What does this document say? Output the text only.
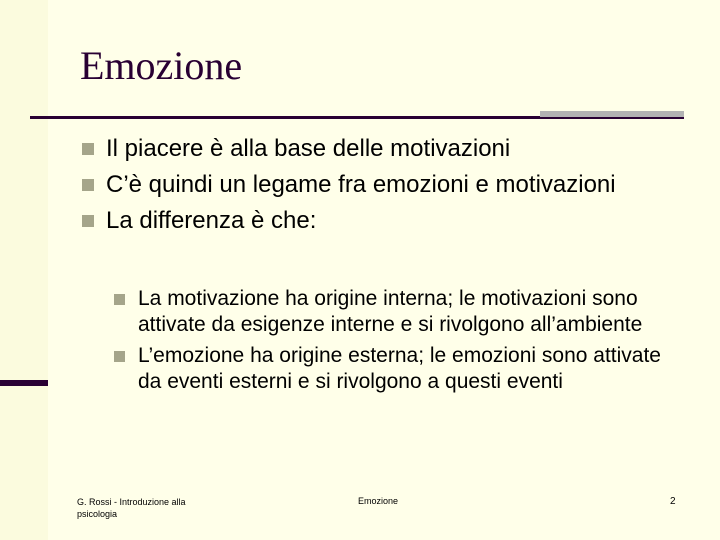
Emozione
Il piacere è alla base delle motivazioni
C’è quindi un legame fra emozioni e motivazioni
La differenza è che:
La motivazione ha origine interna; le motivazioni sono attivate da esigenze interne e si rivolgono all’ambiente
L’emozione ha origine esterna; le emozioni sono attivate da eventi esterni e si rivolgono a questi eventi
G. Rossi - Introduzione alla psicologia
Emozione	2
